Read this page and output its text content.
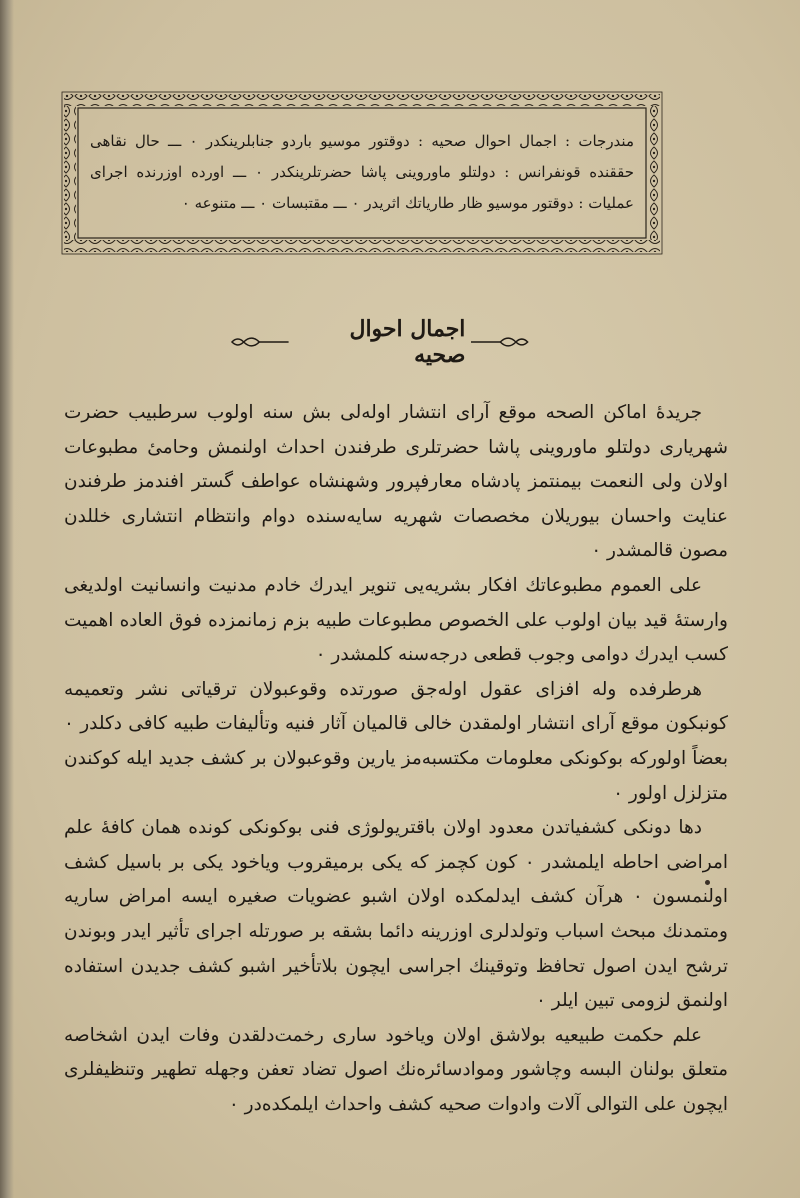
مندرجات : اجمال احوال صحیه : دوقتور موسیو باردو جنابلرینکدر ۰ ـــ حال نقاهی حققنده قونفرانس : دولتلو ماوروینی پاشا حضرتلرینکدر ۰ ـــ اورده اوزرنده اجرای عملیات : دوقتور موسیو ظار طاریاتك اثریدر ۰ ـــ مقتبسات ۰ ـــ متنوعه ۰
اجمال احوال صحیه

جریدهٔ اماكن الصحه موقع آرای انتشار اوله‌لی بش سنه اولوب سرطبیب حضرت شهریاری دولتلو ماوروینی پاشا حضرتلری طرفندن احداث اولنمش وحامیٔ مطبوعات اولان ولی النعمت بیمنتمز پادشاه معارفپرور وشهنشاه عواطف گستر افندمز طرفندن عنایت واحسان بیوریلان مخصصات شهریه سایه‌سنده دوام وانتظام انتشاری خللدن مصون قالمشدر ۰

علی العموم مطبوعاتك افكار بشریه‌یی تنویر ایدرك خادم مدنیت وانسانیت اولدیغی وارستهٔ قید بیان اولوب علی الخصوص مطبوعات طبیه بزم زمانمزده فوق العاده اهمیت كسب ایدرك دوامی وجوب قطعی درجه‌سنه كلمشدر ۰

هرطرفده وله افزای عقول اوله‌جق صورتده وقوعبولان ترقیاتی نشر وتعمیمه كونبكون موقع آرای انتشار اولمقدن خالی قالمیان آثار فنیه وتألیفات طبیه كافی دكلدر ۰ بعضاً اولورکه بوكونكی معلومات مكتسبه‌مز یارین وقوعبولان بر كشف جدید ایله كوكندن متزلزل اولور ۰

دها دونكی كشفیاتدن معدود اولان باقتریولوژی فنی بوكونكی كونده همان كافهٔ علم امراضی احاطه ایلمشدر ۰ كون كچمز که یكی برمیقروب وياخود يكی بر باسیل كشف اولنمسون ۰ هرآن كشف ایدلمكده اولان اشبو عضویات صغیره ایسه امراض ساریه ومتمدنك مبحث اسباب وتولدلری اوزرینه دائما بشقه بر صورتله اجرای تأثیر ایدر وبوندن ترشح ایدن اصول تحافظ وتوقینك اجراسی ایچون بلاتأخیر اشبو كشف جدیدن استفاده اولنمق لزومی تبین ایلر ۰

علم حکمت طبیعیه بولاشق اولان وياخود ساری رخمت‌دلقدن وفات ایدن اشخاصه متعلق بولنان البسه وچاشور وموادسائره‌نك اصول تضاد تعفن وجهله تطهیر وتنظیفلری ایچون علی التوالی آلات وادوات صحیه كشف واحداث ایلمكده‌در ۰
